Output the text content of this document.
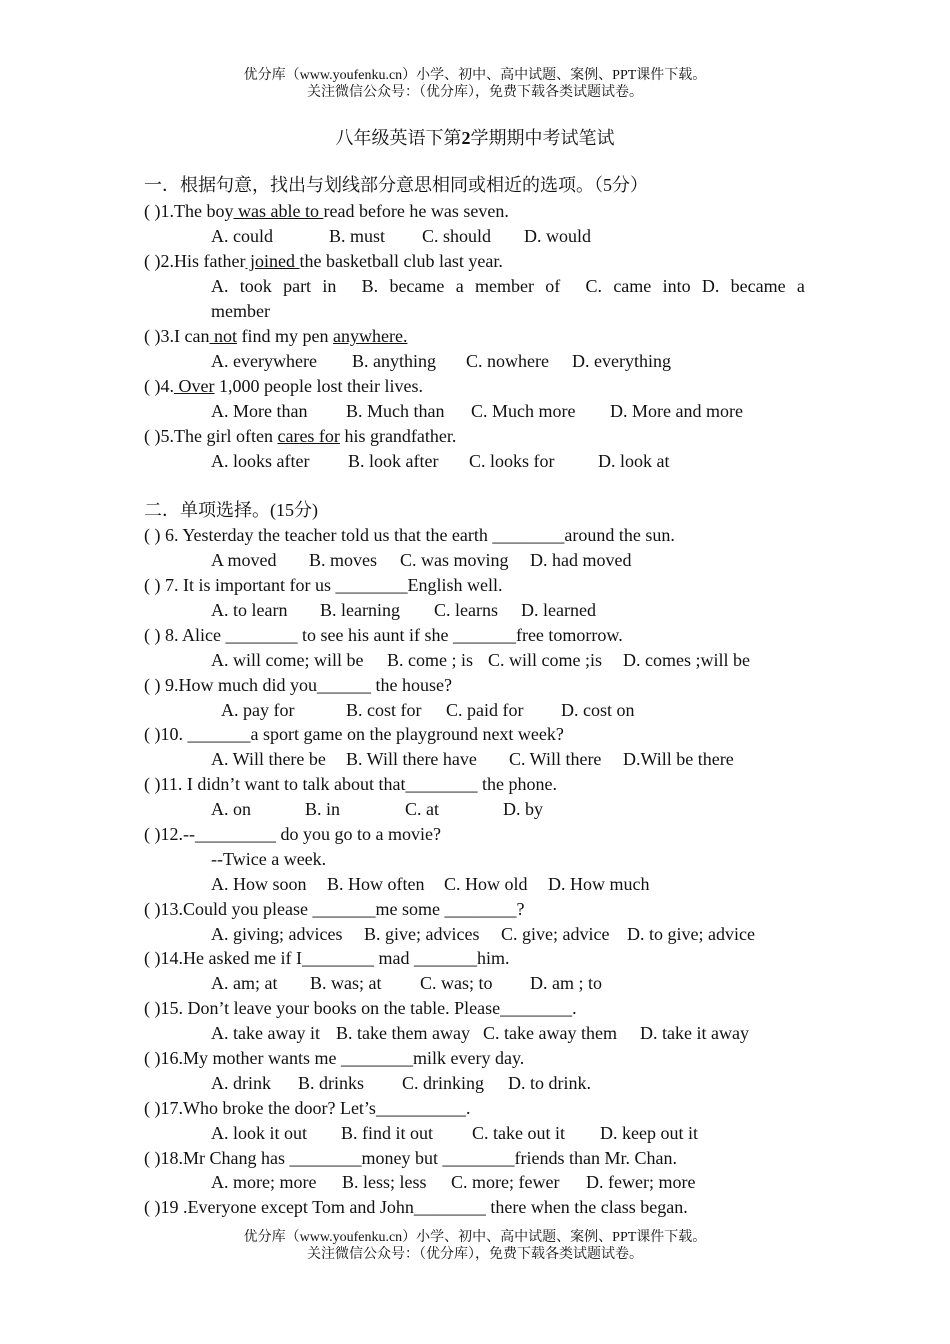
优分库（www.youfenku.cn）小学、初中、高中试题、案例、PPT课件下载。
关注微信公众号：（优分库），免费下载各类试题试卷。
八年级英语下第2学期期中考试笔试
一．根据句意，找出与划线部分意思相同或相近的选项。（5分）
( )1.The boy was able to read before he was seven.
A. could	B. must C. should D. would
( )2.His father joined the basketball club last year.
A. took part in B. became a member of C. came into D. became a
member
( )3.I can not find my pen anywhere.
A. everywhere B. anything C. nowhere D. everything
( )4. Over 1,000 people lost their lives.
A. More than B. Much than C. Much more D. More and more
( )5.The girl often cares for his grandfather.
A. looks after B. look after C. looks for D. look at
二．单项选择。(15分)
( ) 6. Yesterday the teacher told us that the earth ________around the sun.
A moved B. moves C. was moving D. had moved
( ) 7. It is important for us ________English well.
A. to learn B. learning C. learns D. learned
( ) 8. Alice ________ to see his aunt if she _______free tomorrow.
A. will come; will be B. come ; is C. will come ;is D. comes ;will be
( ) 9.How much did you______ the house?
A. pay for	B. cost for C. paid for D. cost on
( )10. _______a sport game on the playground next week?
A. Will there be B. Will there have C. Will there D.Will be there
( )11. I didn’t want to talk about that________ the phone.
A. on	B. in	C. at	D. by
( )12.--_________ do you go to a movie?
--Twice a week.
A. How soon B. How often C. How old D. How much
( )13.Could you please _______me some ________?
A. giving; advices B. give; advices C. give; advice D. to give; advice
( )14.He asked me if I________ mad _______him.
A. am; at B. was; at C. was; to D. am ; to
( )15. Don’t leave your books on the table. Please________.
A. take away it B. take them away C. take away them D. take it away
( )16.My mother wants me ________milk every day.
A. drink B. drinks C. drinking D. to drink.
( )17.Who broke the door? Let’s__________.
A. look it out B. find it out C. take out it D. keep out it
( )18.Mr Chang has ________money but ________friends than Mr. Chan.
A. more; more B. less; less C. more; fewer D. fewer; more
( )19 .Everyone except Tom and John________ there when the class began.
优分库（www.youfenku.cn）小学、初中、高中试题、案例、PPT课件下载。
关注微信公众号：（优分库），免费下载各类试题试卷。
